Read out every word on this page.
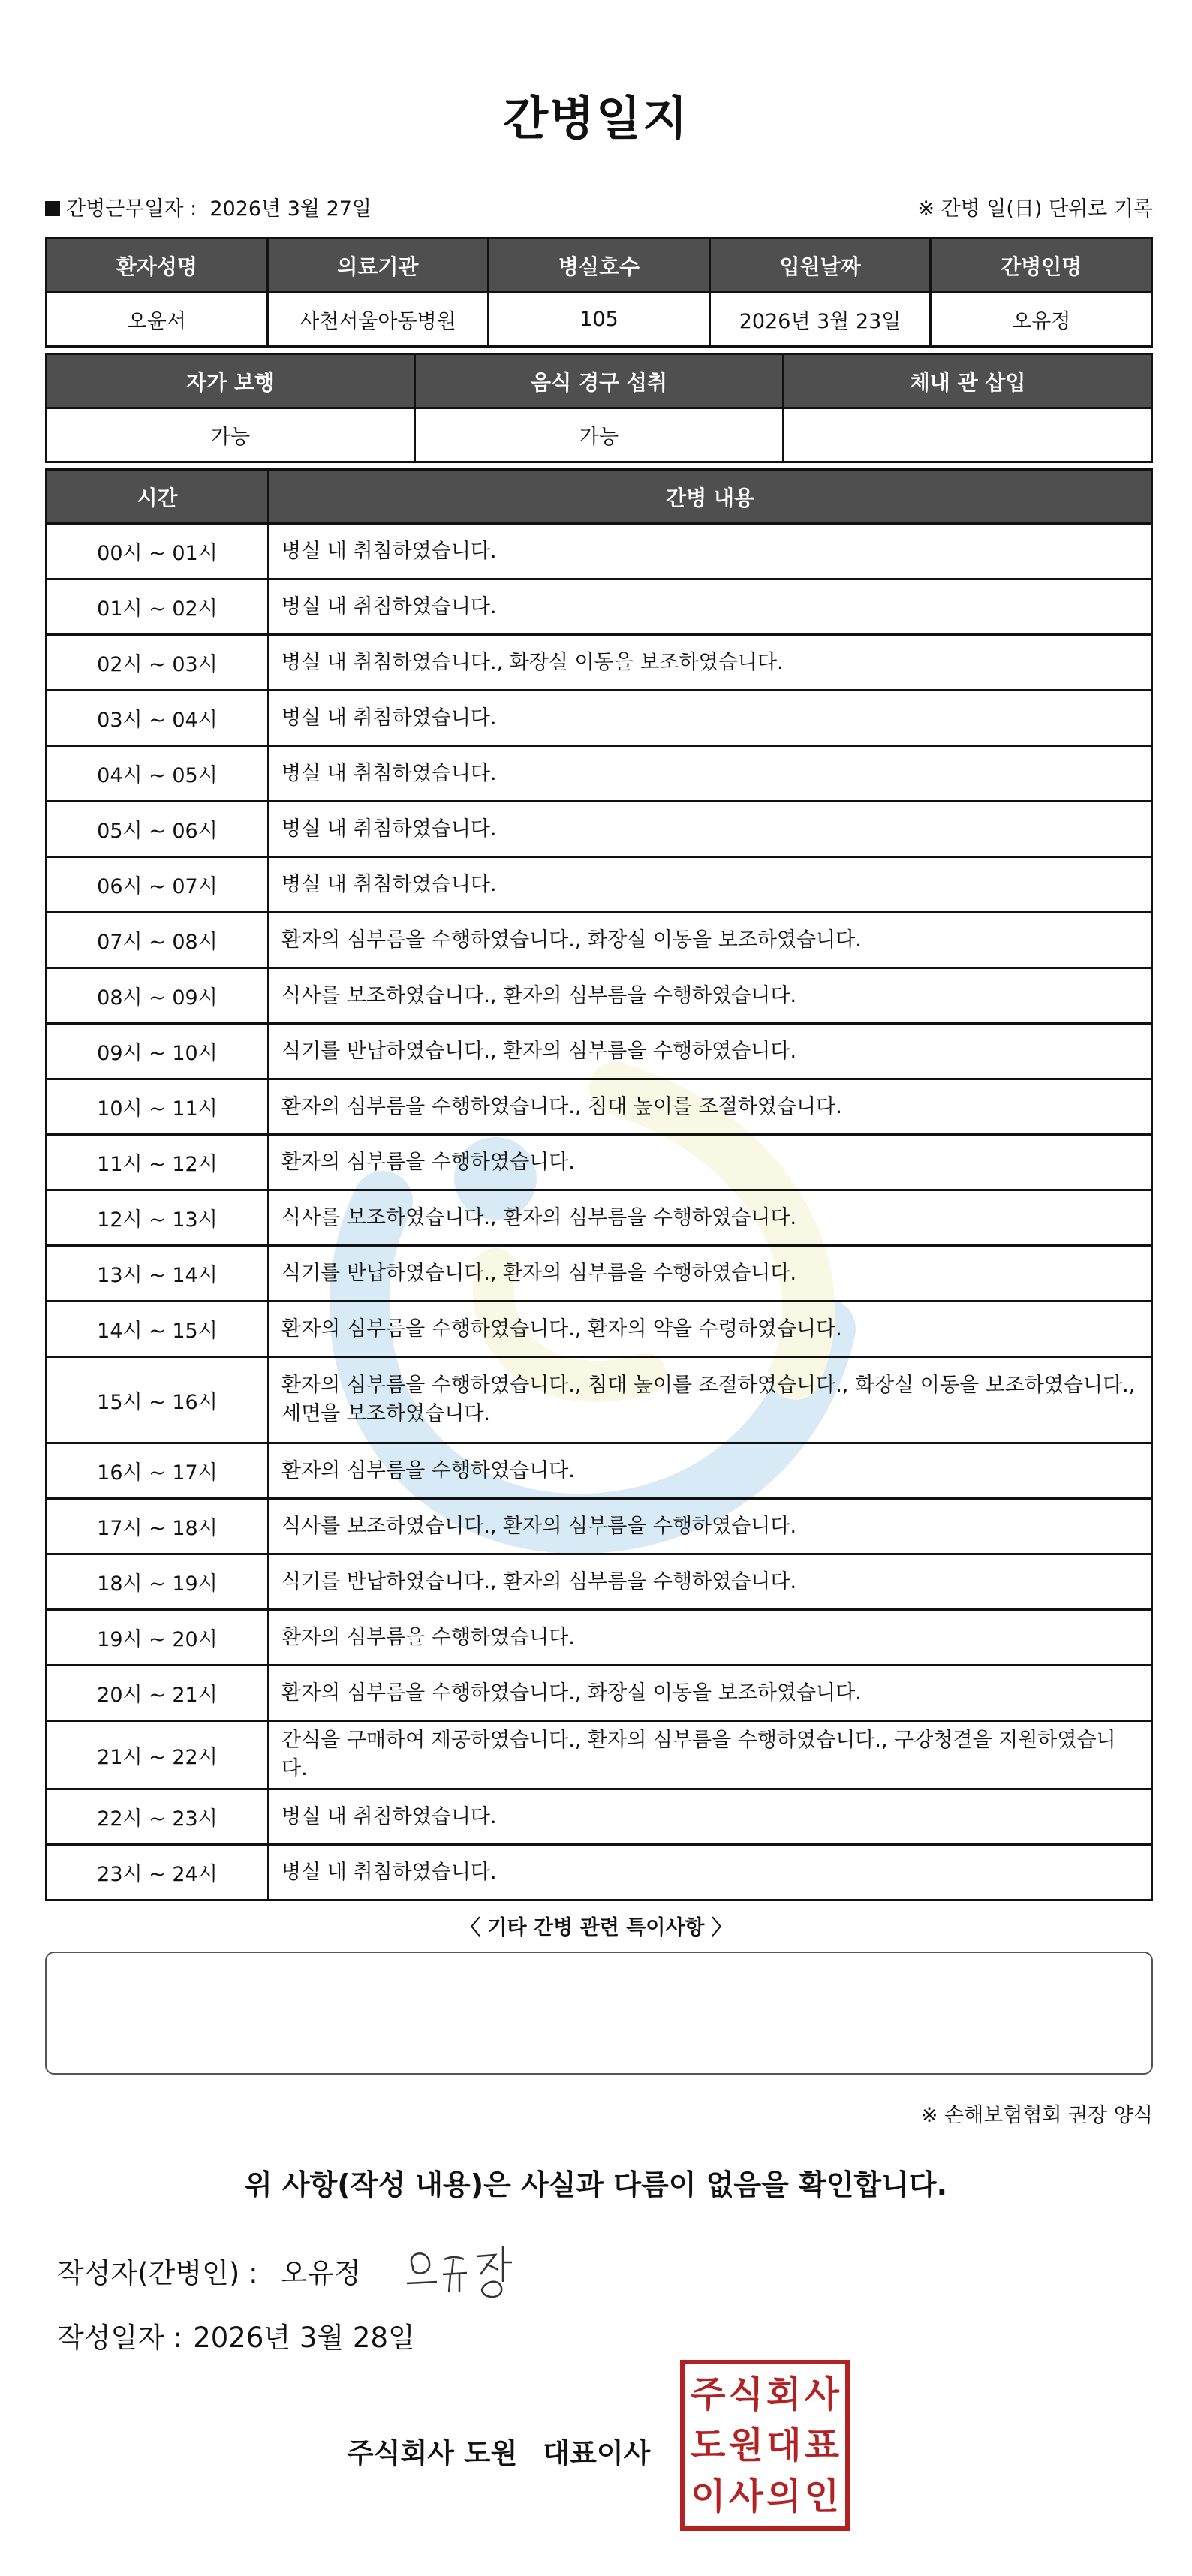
간병일지
간병근무일자 : 2026년 3월 27일	※ 간병 일(日) 단위로 기록
환자성명	의료기관	병실호수	입원날짜	간병인명
오윤서	사천서울아동병원	105	2026년 3월 23일	오유정
자가 보행	음식 경구 섭취	체내 관 삽입
가능	가능	
시간	간병 내용
00시 ~ 01시	병실 내 취침하였습니다.
01시 ~ 02시	병실 내 취침하였습니다.
02시 ~ 03시	병실 내 취침하였습니다., 화장실 이동을 보조하였습니다.
03시 ~ 04시	병실 내 취침하였습니다.
04시 ~ 05시	병실 내 취침하였습니다.
05시 ~ 06시	병실 내 취침하였습니다.
06시 ~ 07시	병실 내 취침하였습니다.
07시 ~ 08시	환자의 심부름을 수행하였습니다., 화장실 이동을 보조하였습니다.
08시 ~ 09시	식사를 보조하였습니다., 환자의 심부름을 수행하였습니다.
09시 ~ 10시	식기를 반납하였습니다., 환자의 심부름을 수행하였습니다.
10시 ~ 11시	환자의 심부름을 수행하였습니다., 침대 높이를 조절하였습니다.
11시 ~ 12시	환자의 심부름을 수행하였습니다.
12시 ~ 13시	식사를 보조하였습니다., 환자의 심부름을 수행하였습니다.
13시 ~ 14시	식기를 반납하였습니다., 환자의 심부름을 수행하였습니다.
14시 ~ 15시	환자의 심부름을 수행하였습니다., 환자의 약을 수령하였습니다.
15시 ~ 16시	환자의 심부름을 수행하였습니다., 침대 높이를 조절하였습니다., 화장실 이동을 보조하였습니다., 세면을 보조하였습니다.
16시 ~ 17시	환자의 심부름을 수행하였습니다.
17시 ~ 18시	식사를 보조하였습니다., 환자의 심부름을 수행하였습니다.
18시 ~ 19시	식기를 반납하였습니다., 환자의 심부름을 수행하였습니다.
19시 ~ 20시	환자의 심부름을 수행하였습니다.
20시 ~ 21시	환자의 심부름을 수행하였습니다., 화장실 이동을 보조하였습니다.
21시 ~ 22시	간식을 구매하여 제공하였습니다., 환자의 심부름을 수행하였습니다., 구강청결을 지원하였습니다.
22시 ~ 23시	병실 내 취침하였습니다.
23시 ~ 24시	병실 내 취침하였습니다.
〈 기타 간병 관련 특이사항 〉
※ 손해보험협회 권장 양식
위 사항(작성 내용)은 사실과 다름이 없음을 확인합니다.
작성자(간병인) : 오유정
작성일자 : 2026년 3월 28일
주식회사 도원 대표이사
주 식 회 사
도 원 대 표
이 사 의 인
